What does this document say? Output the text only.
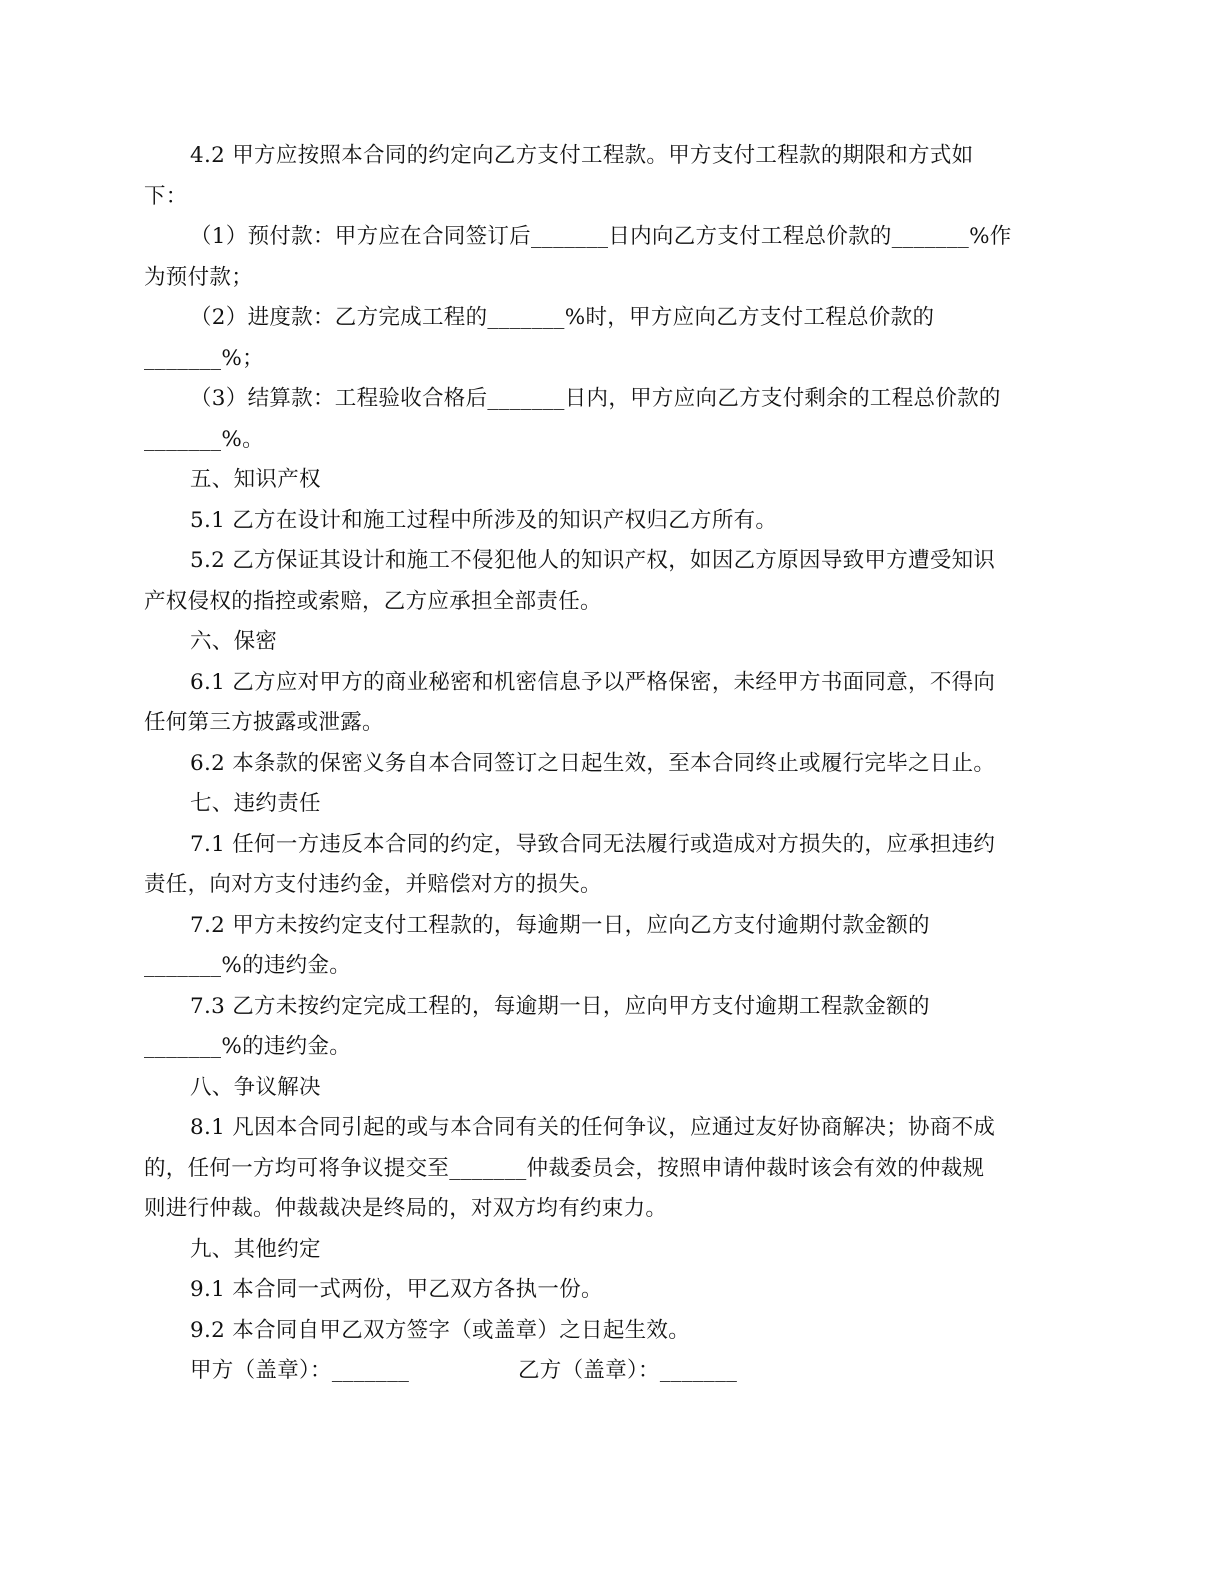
4.2 甲方应按照本合同的约定向乙方支付工程款。甲方支付工程款的期限和方式如
下：
（1）预付款：甲方应在合同签订后_______日内向乙方支付工程总价款的_______%作
为预付款；
（2）进度款：乙方完成工程的_______%时，甲方应向乙方支付工程总价款的
_______%；
（3）结算款：工程验收合格后_______日内，甲方应向乙方支付剩余的工程总价款的
_______%。
五、知识产权
5.1 乙方在设计和施工过程中所涉及的知识产权归乙方所有。
5.2 乙方保证其设计和施工不侵犯他人的知识产权，如因乙方原因导致甲方遭受知识
产权侵权的指控或索赔，乙方应承担全部责任。
六、保密
6.1 乙方应对甲方的商业秘密和机密信息予以严格保密，未经甲方书面同意，不得向
任何第三方披露或泄露。
6.2 本条款的保密义务自本合同签订之日起生效，至本合同终止或履行完毕之日止。
七、违约责任
7.1 任何一方违反本合同的约定，导致合同无法履行或造成对方损失的，应承担违约
责任，向对方支付违约金，并赔偿对方的损失。
7.2 甲方未按约定支付工程款的，每逾期一日，应向乙方支付逾期付款金额的
_______%的违约金。
7.3 乙方未按约定完成工程的，每逾期一日，应向甲方支付逾期工程款金额的
_______%的违约金。
八、争议解决
8.1 凡因本合同引起的或与本合同有关的任何争议，应通过友好协商解决；协商不成
的，任何一方均可将争议提交至_______仲裁委员会，按照申请仲裁时该会有效的仲裁规
则进行仲裁。仲裁裁决是终局的，对双方均有约束力。
九、其他约定
9.1 本合同一式两份，甲乙双方各执一份。
9.2 本合同自甲乙双方签字（或盖章）之日起生效。
甲方（盖章）：_______	乙方（盖章）：_______
